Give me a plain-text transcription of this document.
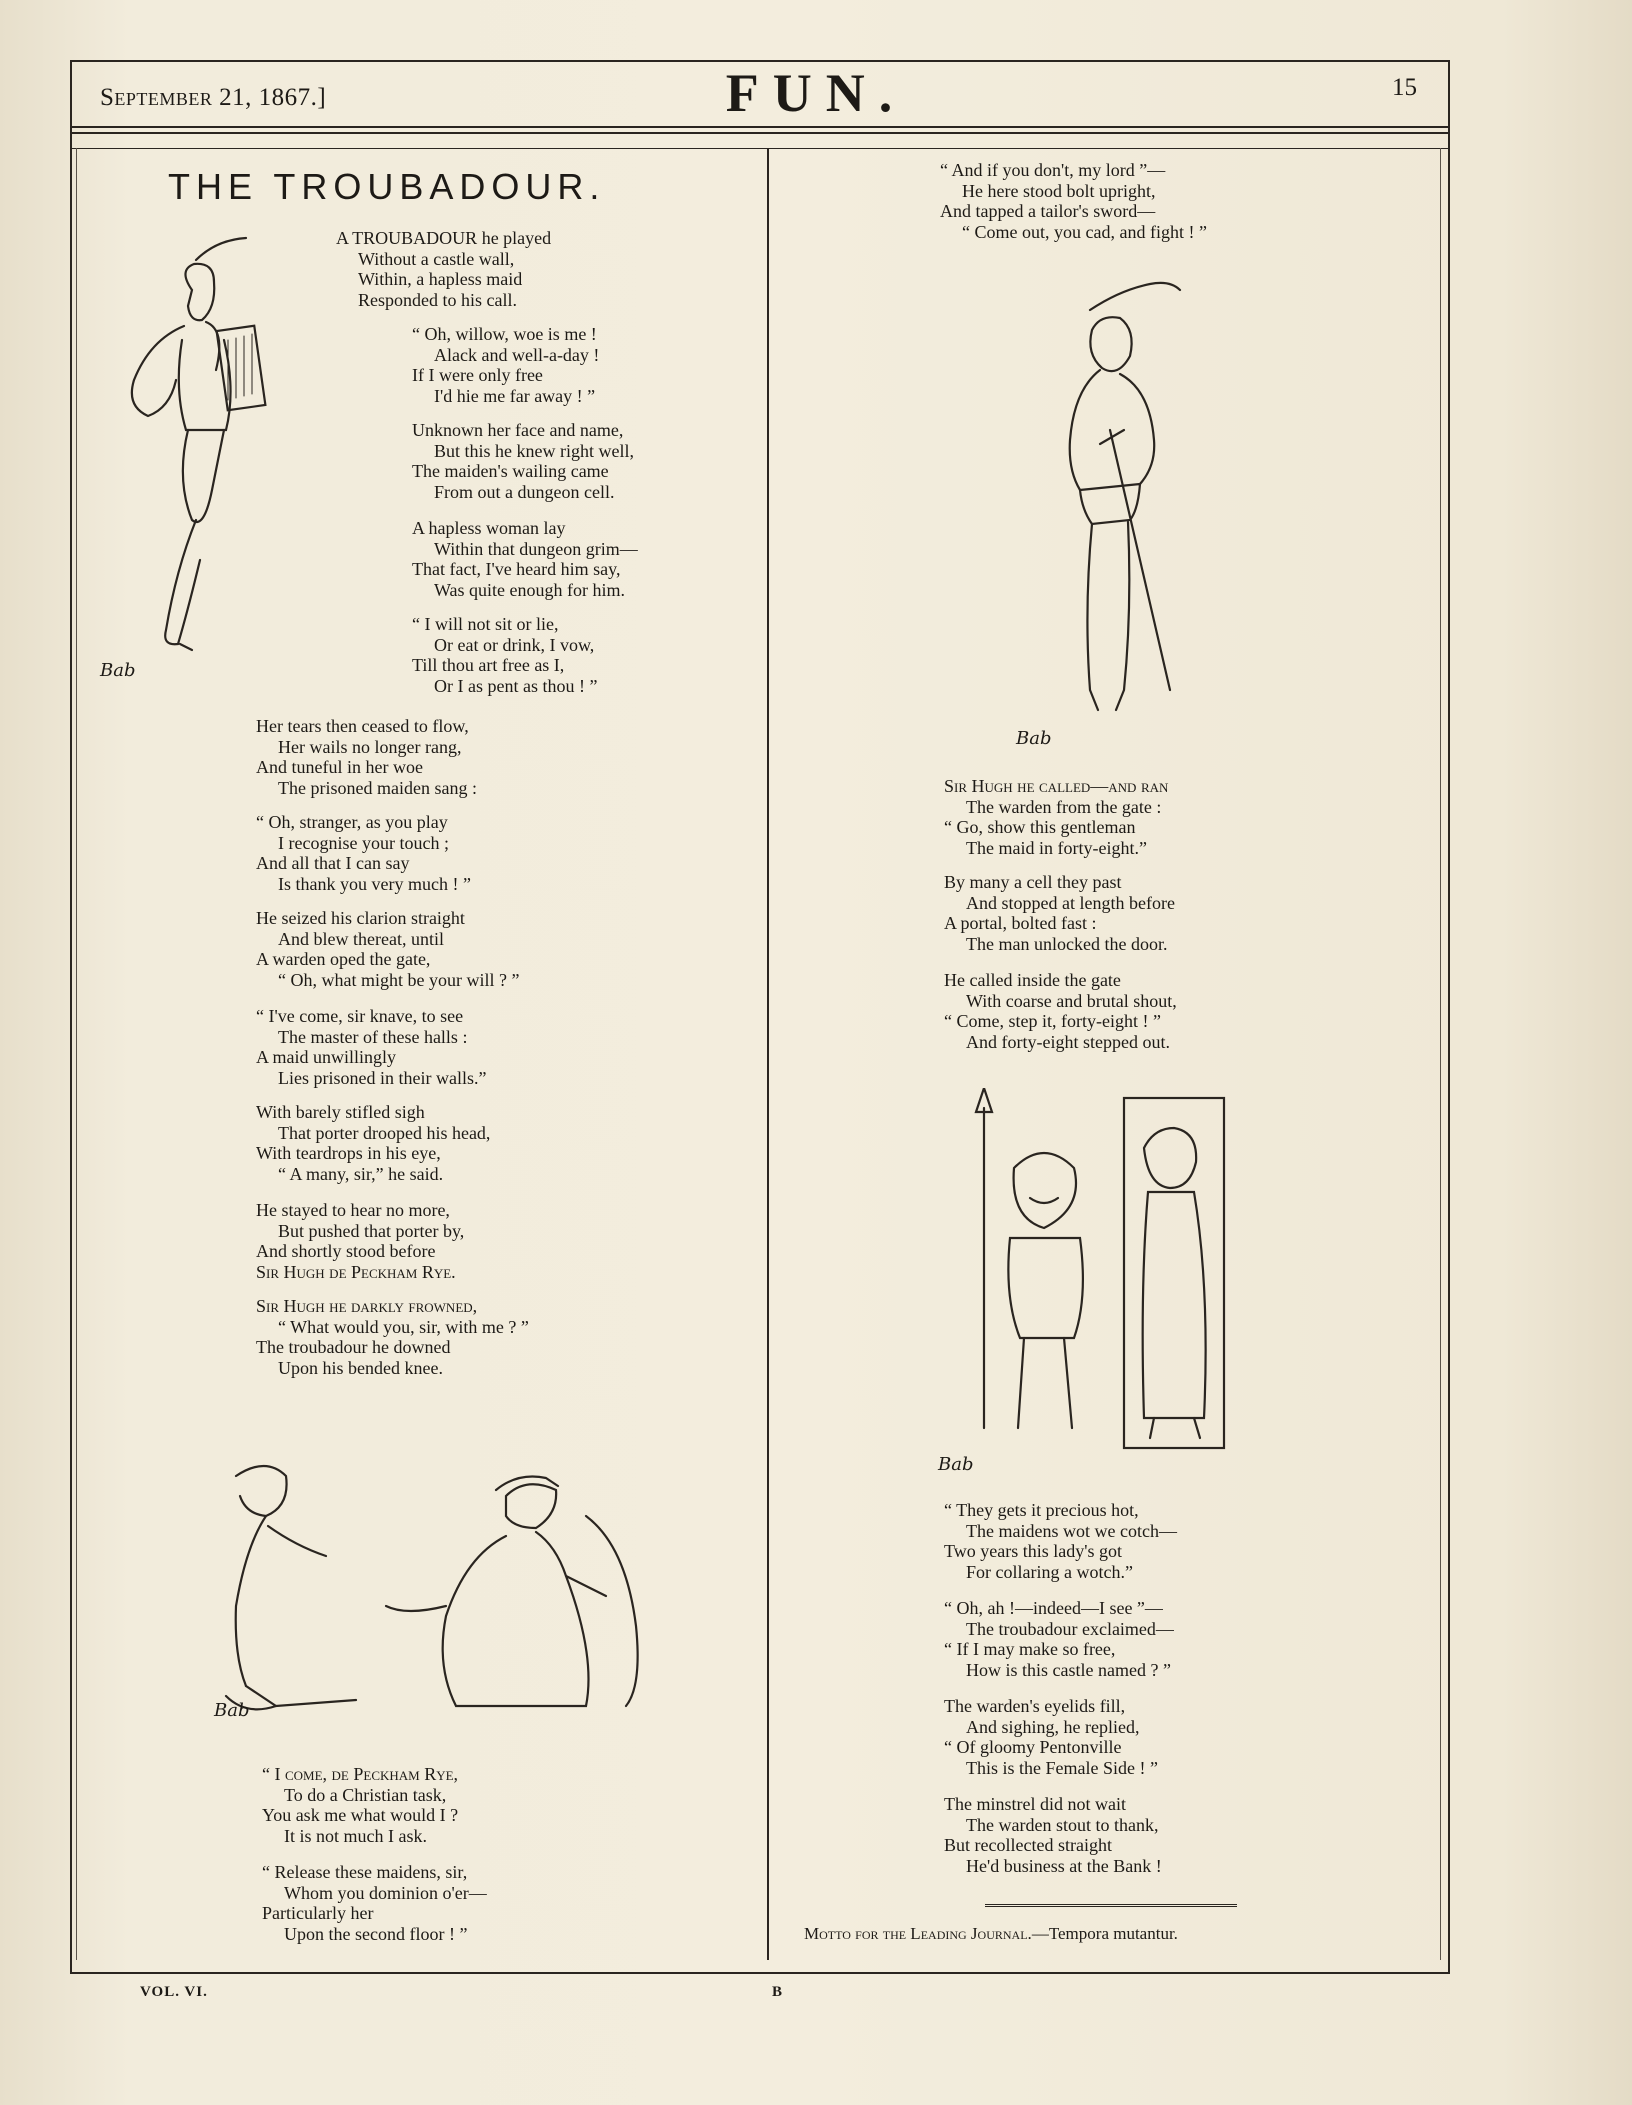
September 21, 1867.]	FUN.	15
THE TROUBADOUR.
Bab
A TROUBADOUR he played
Without a castle wall,
Within, a hapless maid
Responded to his call.
“ Oh, willow, woe is me !
Alack and well-a-day !
If I were only free
I'd hie me far away ! ”
Unknown her face and name,
But this he knew right well,
The maiden's wailing came
From out a dungeon cell.
A hapless woman lay
Within that dungeon grim—
That fact, I've heard him say,
Was quite enough for him.
“ I will not sit or lie,
Or eat or drink, I vow,
Till thou art free as I,
Or I as pent as thou ! ”
Her tears then ceased to flow,
Her wails no longer rang,
And tuneful in her woe
The prisoned maiden sang :
“ Oh, stranger, as you play
I recognise your touch ;
And all that I can say
Is thank you very much ! ”
He seized his clarion straight
And blew thereat, until
A warden oped the gate,
“ Oh, what might be your will ? ”
“ I've come, sir knave, to see
The master of these halls :
A maid unwillingly
Lies prisoned in their walls.”
With barely stifled sigh
That porter drooped his head,
With teardrops in his eye,
“ A many, sir,” he said.
He stayed to hear no more,
But pushed that porter by,
And shortly stood before
Sir Hugh de Peckham Rye.
Sir Hugh he darkly frowned,
“ What would you, sir, with me ? ”
The troubadour he downed
Upon his bended knee.
Bab
“ I come, de Peckham Rye,
To do a Christian task,
You ask me what would I ?
It is not much I ask.
“ Release these maidens, sir,
Whom you dominion o'er—
Particularly her
Upon the second floor ! ”
“ And if you don't, my lord ”—
He here stood bolt upright,
And tapped a tailor's sword—
“ Come out, you cad, and fight ! ”
Bab
Sir Hugh he called—and ran
The warden from the gate :
“ Go, show this gentleman
The maid in forty-eight.”
By many a cell they past
And stopped at length before
A portal, bolted fast :
The man unlocked the door.
He called inside the gate
With coarse and brutal shout,
“ Come, step it, forty-eight ! ”
And forty-eight stepped out.
Bab
“ They gets it precious hot,
The maidens wot we cotch—
Two years this lady's got
For collaring a wotch.”
“ Oh, ah !—indeed—I see ”—
The troubadour exclaimed—
“ If I may make so free,
How is this castle named ? ”
The warden's eyelids fill,
And sighing, he replied,
“ Of gloomy Pentonville
This is the Female Side ! ”
The minstrel did not wait
The warden stout to thank,
But recollected straight
He'd business at the Bank !
Motto for the Leading Journal.—Tempora mutantur.
VOL. VI.	B
